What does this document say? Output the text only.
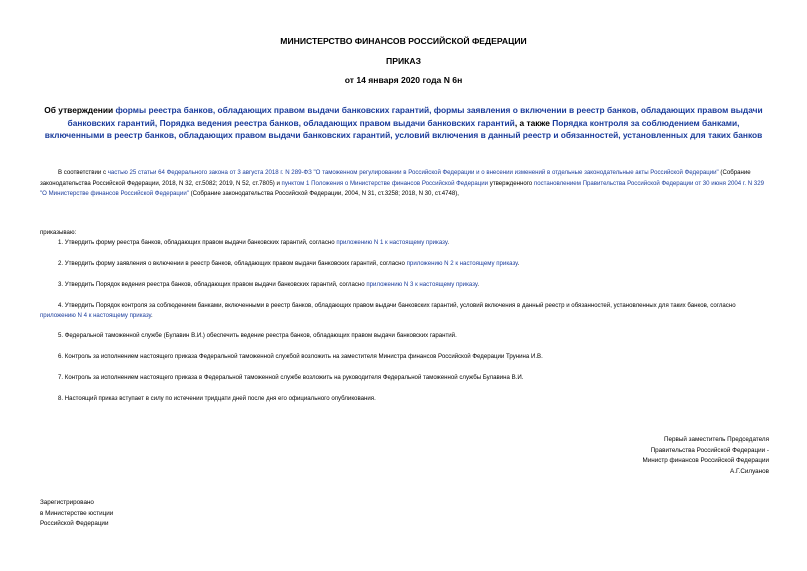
МИНИСТЕРСТВО ФИНАНСОВ РОССИЙСКОЙ ФЕДЕРАЦИИ
ПРИКАЗ
от 14 января 2020 года N 6н
Об утверждении формы реестра банков, обладающих правом выдачи банковских гарантий, формы заявления о включении в реестр банков, обладающих правом выдачи банковских гарантий, Порядка ведения реестра банков, обладающих правом выдачи банковских гарантий, а также Порядка контроля за соблюдением банками, включенными в реестр банков, обладающих правом выдачи банковских гарантий, условий включения в данный реестр и обязанностей, установленных для таких банков
В соответствии с частью 25 статьи 64 Федерального закона от 3 августа 2018 г. N 289-ФЗ "О таможенном регулировании в Российской Федерации и о внесении изменений в отдельные законодательные акты Российской Федерации" (Собрание законодательства Российской Федерации, 2018, N 32, ст.5082; 2019, N 52, ст.7805) и пунктом 1 Положения о Министерстве финансов Российской Федерации утвержденного постановлением Правительства Российской Федерации от 30 июня 2004 г. N 329 "О Министерстве финансов Российской Федерации" (Собрание законодательства Российской Федерации, 2004, N 31, ст.3258; 2018, N 30, ст.4748),
приказываю:
1. Утвердить форму реестра банков, обладающих правом выдачи банковских гарантий, согласно приложению N 1 к настоящему приказу.
2. Утвердить форму заявления о включении в реестр банков, обладающих правом выдачи банковских гарантий, согласно приложению N 2 к настоящему приказу.
3. Утвердить Порядок ведения реестра банков, обладающих правом выдачи банковских гарантий, согласно приложению N 3 к настоящему приказу.
4. Утвердить Порядок контроля за соблюдением банками, включенными в реестр банков, обладающих правом выдачи банковских гарантий, условий включения в данный реестр и обязанностей, установленных для таких банков, согласно приложению N 4 к настоящему приказу.
5. Федеральной таможенной службе (Булавин В.И.) обеспечить ведение реестра банков, обладающих правом выдачи банковских гарантий.
6. Контроль за исполнением настоящего приказа Федеральной таможенной службой возложить на заместителя Министра финансов Российской Федерации Трунина И.В.
7. Контроль за исполнением настоящего приказа в Федеральной таможенной службе возложить на руководителя Федеральной таможенной службы Булавина В.И.
8. Настоящий приказ вступает в силу по истечении тридцати дней после дня его официального опубликования.
Первый заместитель Председателя
Правительства Российской Федерации -
Министр финансов Российской Федерации
А.Г.Силуанов
Зарегистрировано
в Министерстве юстиции
Российской Федерации
